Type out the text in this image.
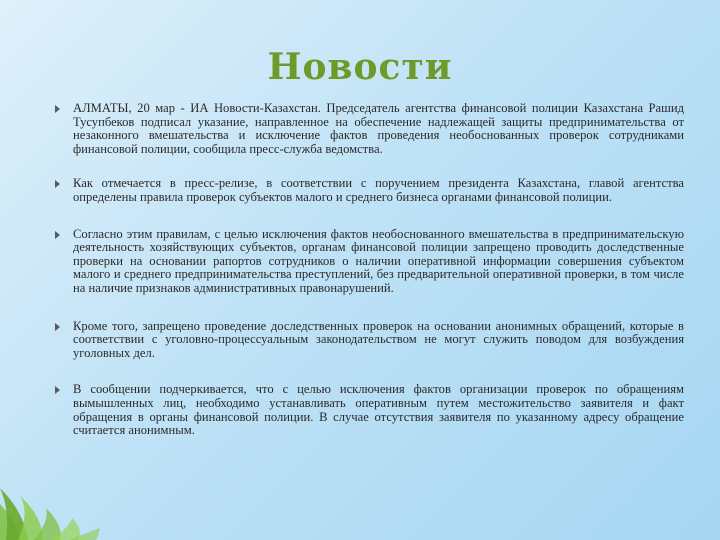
Новости
АЛМАТЫ, 20 мар - ИА Новости-Казахстан. Председатель агентства финансовой полиции Казахстана Рашид Тусупбеков подписал указание, направленное на обеспечение надлежащей защиты предпринимательства от незаконного вмешательства и исключение фактов проведения необоснованных проверок сотрудниками финансовой полиции, сообщила пресс-служба ведомства.
Как отмечается в пресс-релизе, в соответствии с поручением президента Казахстана, главой агентства определены правила проверок субъектов малого и среднего бизнеса органами финансовой полиции.
Согласно этим правилам, с целью исключения фактов необоснованного вмешательства в предпринимательскую деятельность хозяйствующих субъектов, органам финансовой полиции запрещено проводить доследственные проверки на основании рапортов сотрудников о наличии оперативной информации совершения субъектом малого и среднего предпринимательства преступлений, без предварительной оперативной проверки, в том числе на наличие признаков административных правонарушений.
Кроме того, запрещено проведение доследственных проверок на основании анонимных обращений, которые в соответствии с уголовно-процессуальным законодательством не могут служить поводом для возбуждения уголовных дел.
В сообщении подчеркивается, что с целью исключения фактов организации проверок по обращениям вымышленных лиц, необходимо устанавливать оперативным путем местожительство заявителя и факт обращения в органы финансовой полиции. В случае отсутствия заявителя по указанному адресу обращение считается анонимным.
